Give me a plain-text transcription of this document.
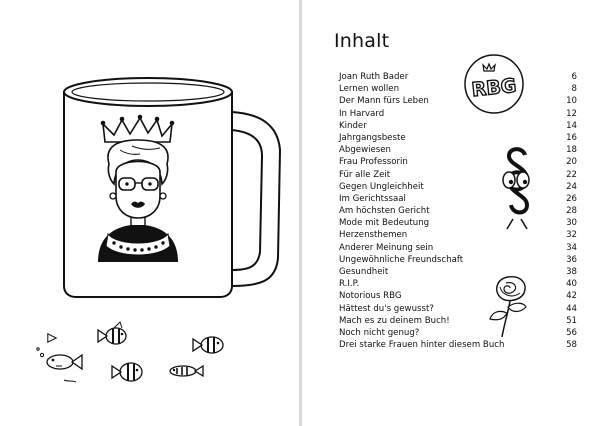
Inhalt
Joan Ruth Bader	6
Lernen wollen	8
Der Mann fürs Leben	10
In Harvard	12
Kinder	14
Jahrgangsbeste	16
Abgewiesen	18
Frau Professorin	20
Für alle Zeit	22
Gegen Ungleichheit	24
Im Gerichtssaal	26
Am höchsten Gericht	28
Mode mit Bedeutung	30
Herzensthemen	32
Anderer Meinung sein	34
Ungewöhnliche Freundschaft	36
Gesundheit	38
R.I.P.	40
Notorious RBG	42
Hättest du's gewusst?	44
Mach es zu deinem Buch!	51
Noch nicht genug?	56
Drei starke Frauen hinter diesem Buch	58
RBG
